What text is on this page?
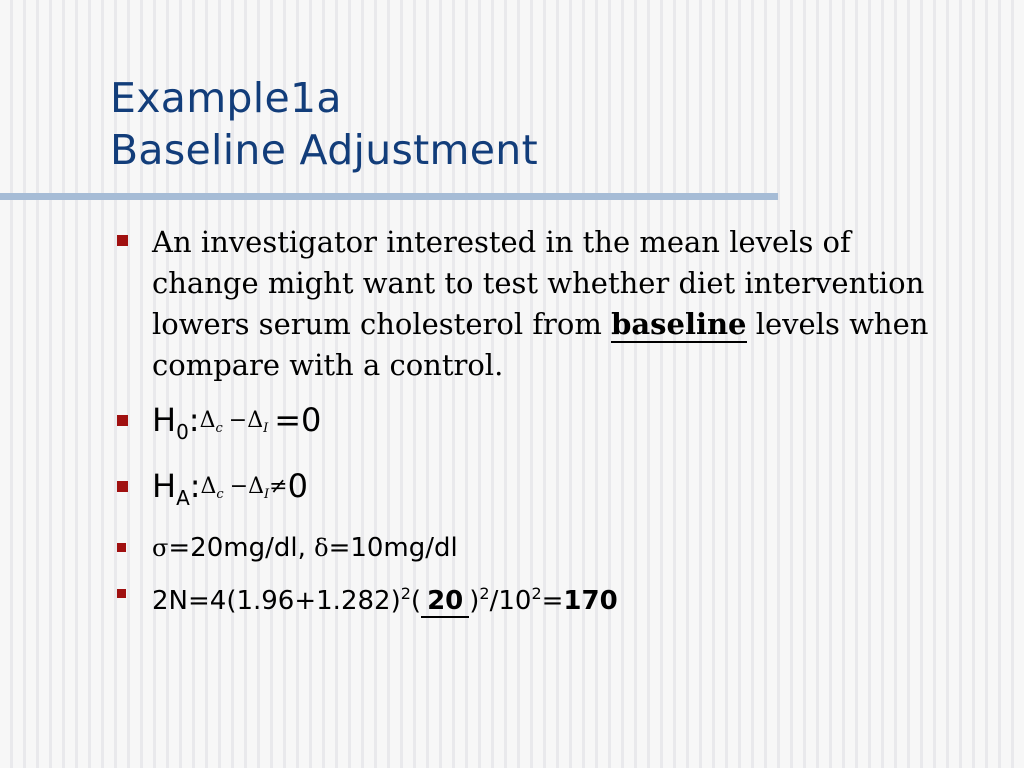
Example1a
Baseline Adjustment
An investigator interested in the mean levels of change might want to test whether diet intervention lowers serum cholesterol from baseline levels when compare with a control.
$H_0:\Delta c -\Delta I =0$
$H_A:\Delta c -\Delta I\ne 0$
σ=20mg/dl, δ=10mg/dl
$2N=4(1.96+1.282)^2$( 20 )$^2/10^2=170$
